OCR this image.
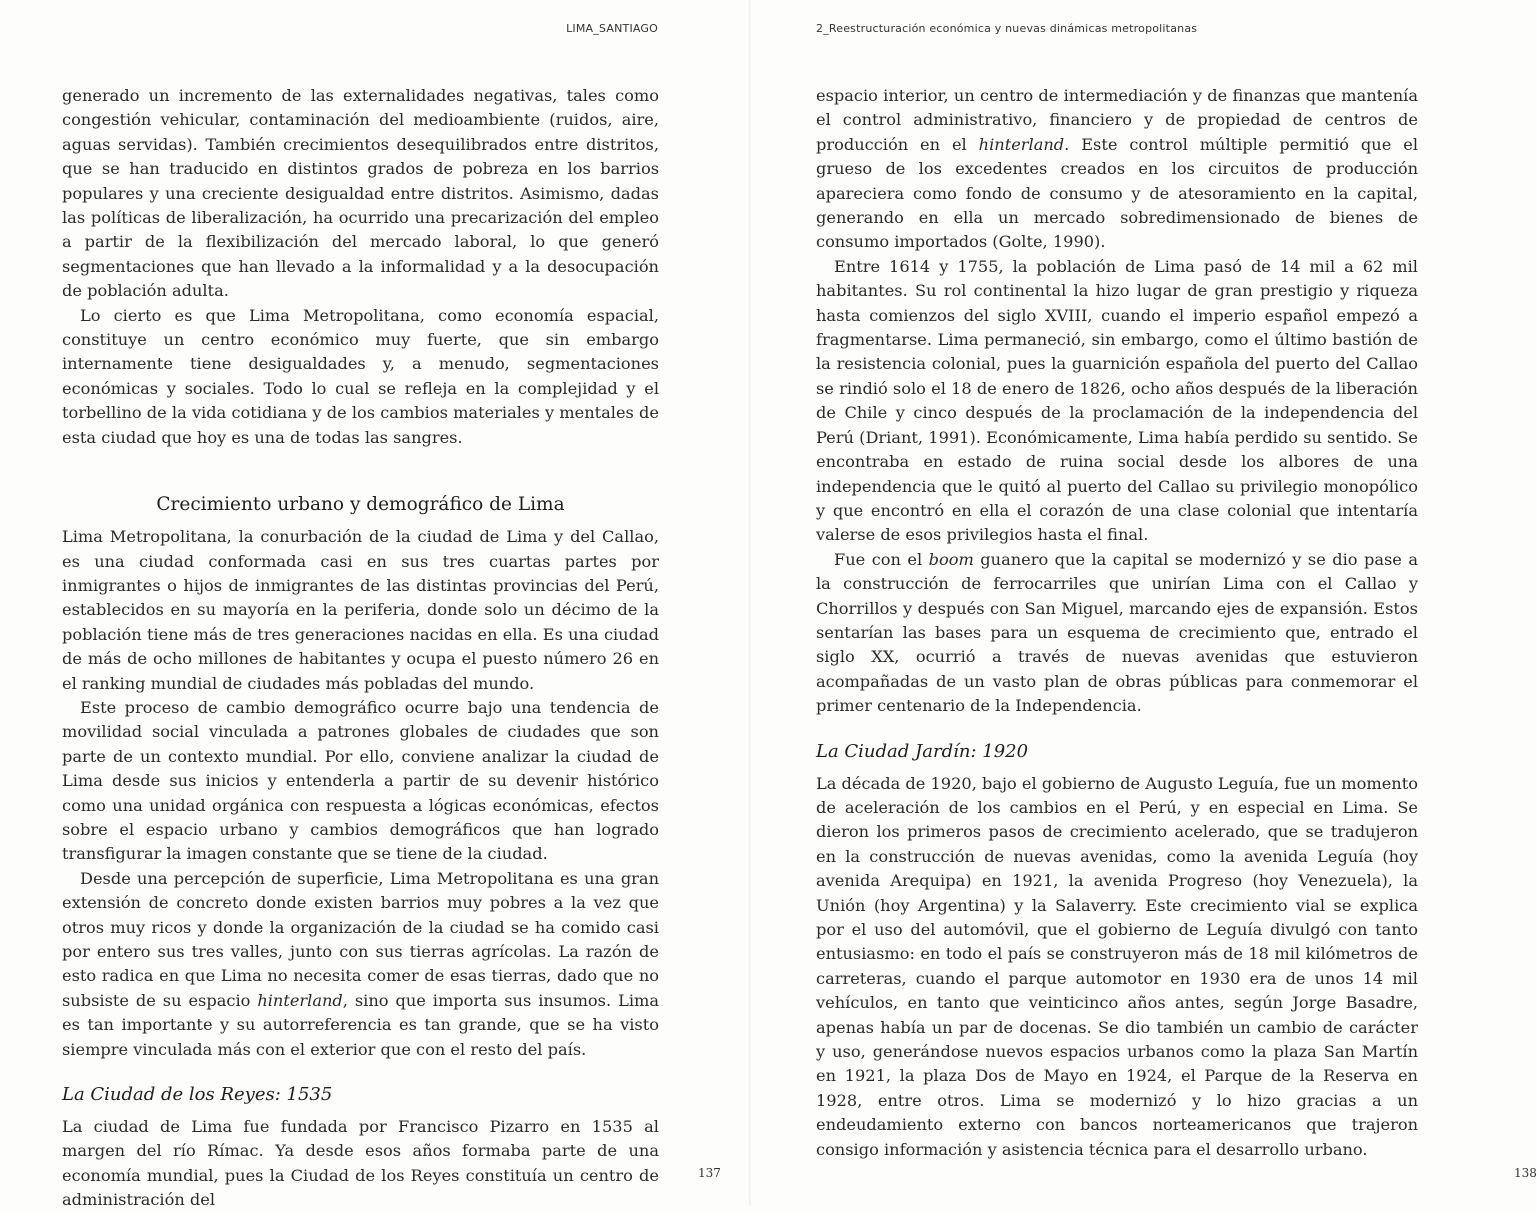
LIMA_SANTIAGO

generado un incremento de las externalidades negativas, tales como congestión vehicular, contaminación del medioambiente (ruidos, aire, aguas servidas). También crecimientos desequilibrados entre distritos, que se han traducido en distintos grados de pobreza en los barrios populares y una creciente desigualdad entre distritos. Asimismo, dadas las políticas de liberalización, ha ocurrido una precarización del empleo a partir de la flexibilización del mercado laboral, lo que generó segmentaciones que han llevado a la informalidad y a la desocupación de población adulta.

Lo cierto es que Lima Metropolitana, como economía espacial, constituye un centro económico muy fuerte, que sin embargo internamente tiene desigualdades y, a menudo, segmentaciones económicas y sociales. Todo lo cual se refleja en la complejidad y el torbellino de la vida cotidiana y de los cambios materiales y mentales de esta ciudad que hoy es una de todas las sangres.

Crecimiento urbano y demográfico de Lima

Lima Metropolitana, la conurbación de la ciudad de Lima y del Callao, es una ciudad conformada casi en sus tres cuartas partes por inmigrantes o hijos de inmigrantes de las distintas provincias del Perú, establecidos en su mayoría en la periferia, donde solo un décimo de la población tiene más de tres generaciones nacidas en ella. Es una ciudad de más de ocho millones de habitantes y ocupa el puesto número 26 en el ranking mundial de ciudades más pobladas del mundo.

Este proceso de cambio demográfico ocurre bajo una tendencia de movilidad social vinculada a patrones globales de ciudades que son parte de un contexto mundial. Por ello, conviene analizar la ciudad de Lima desde sus inicios y entenderla a partir de su devenir histórico como una unidad orgánica con respuesta a lógicas económicas, efectos sobre el espacio urbano y cambios demográficos que han logrado transfigurar la imagen constante que se tiene de la ciudad.

Desde una percepción de superficie, Lima Metropolitana es una gran extensión de concreto donde existen barrios muy pobres a la vez que otros muy ricos y donde la organización de la ciudad se ha comido casi por entero sus tres valles, junto con sus tierras agrícolas. La razón de esto radica en que Lima no necesita comer de esas tierras, dado que no subsiste de su espacio hinterland, sino que importa sus insumos. Lima es tan importante y su autorreferencia es tan grande, que se ha visto siempre vinculada más con el exterior que con el resto del país.

La Ciudad de los Reyes: 1535

La ciudad de Lima fue fundada por Francisco Pizarro en 1535 al margen del río Rímac. Ya desde esos años formaba parte de una economía mundial, pues la Ciudad de los Reyes constituía un centro de administración del

137
2_Reestructuración económica y nuevas dinámicas metropolitanas

espacio interior, un centro de intermediación y de finanzas que mantenía el control administrativo, financiero y de propiedad de centros de producción en el hinterland. Este control múltiple permitió que el grueso de los excedentes creados en los circuitos de producción apareciera como fondo de consumo y de atesoramiento en la capital, generando en ella un mercado sobredimensionado de bienes de consumo importados (Golte, 1990).

Entre 1614 y 1755, la población de Lima pasó de 14 mil a 62 mil habitantes. Su rol continental la hizo lugar de gran prestigio y riqueza hasta comienzos del siglo XVIII, cuando el imperio español empezó a fragmentarse. Lima permaneció, sin embargo, como el último bastión de la resistencia colonial, pues la guarnición española del puerto del Callao se rindió solo el 18 de enero de 1826, ocho años después de la liberación de Chile y cinco después de la proclamación de la independencia del Perú (Driant, 1991). Económicamente, Lima había perdido su sentido. Se encontraba en estado de ruina social desde los albores de una independencia que le quitó al puerto del Callao su privilegio monopólico y que encontró en ella el corazón de una clase colonial que intentaría valerse de esos privilegios hasta el final.

Fue con el boom guanero que la capital se modernizó y se dio pase a la construcción de ferrocarriles que unirían Lima con el Callao y Chorrillos y después con San Miguel, marcando ejes de expansión. Estos sentarían las bases para un esquema de crecimiento que, entrado el siglo XX, ocurrió a través de nuevas avenidas que estuvieron acompañadas de un vasto plan de obras públicas para conmemorar el primer centenario de la Independencia.

La Ciudad Jardín: 1920

La década de 1920, bajo el gobierno de Augusto Leguía, fue un momento de aceleración de los cambios en el Perú, y en especial en Lima. Se dieron los primeros pasos de crecimiento acelerado, que se tradujeron en la construcción de nuevas avenidas, como la avenida Leguía (hoy avenida Arequipa) en 1921, la avenida Progreso (hoy Venezuela), la Unión (hoy Argentina) y la Salaverry. Este crecimiento vial se explica por el uso del automóvil, que el gobierno de Leguía divulgó con tanto entusiasmo: en todo el país se construyeron más de 18 mil kilómetros de carreteras, cuando el parque automotor en 1930 era de unos 14 mil vehículos, en tanto que veinticinco años antes, según Jorge Basadre, apenas había un par de docenas. Se dio también un cambio de carácter y uso, generándose nuevos espacios urbanos como la plaza San Martín en 1921, la plaza Dos de Mayo en 1924, el Parque de la Reserva en 1928, entre otros. Lima se modernizó y lo hizo gracias a un endeudamiento externo con bancos norteamericanos que trajeron consigo información y asistencia técnica para el desarrollo urbano.

138
